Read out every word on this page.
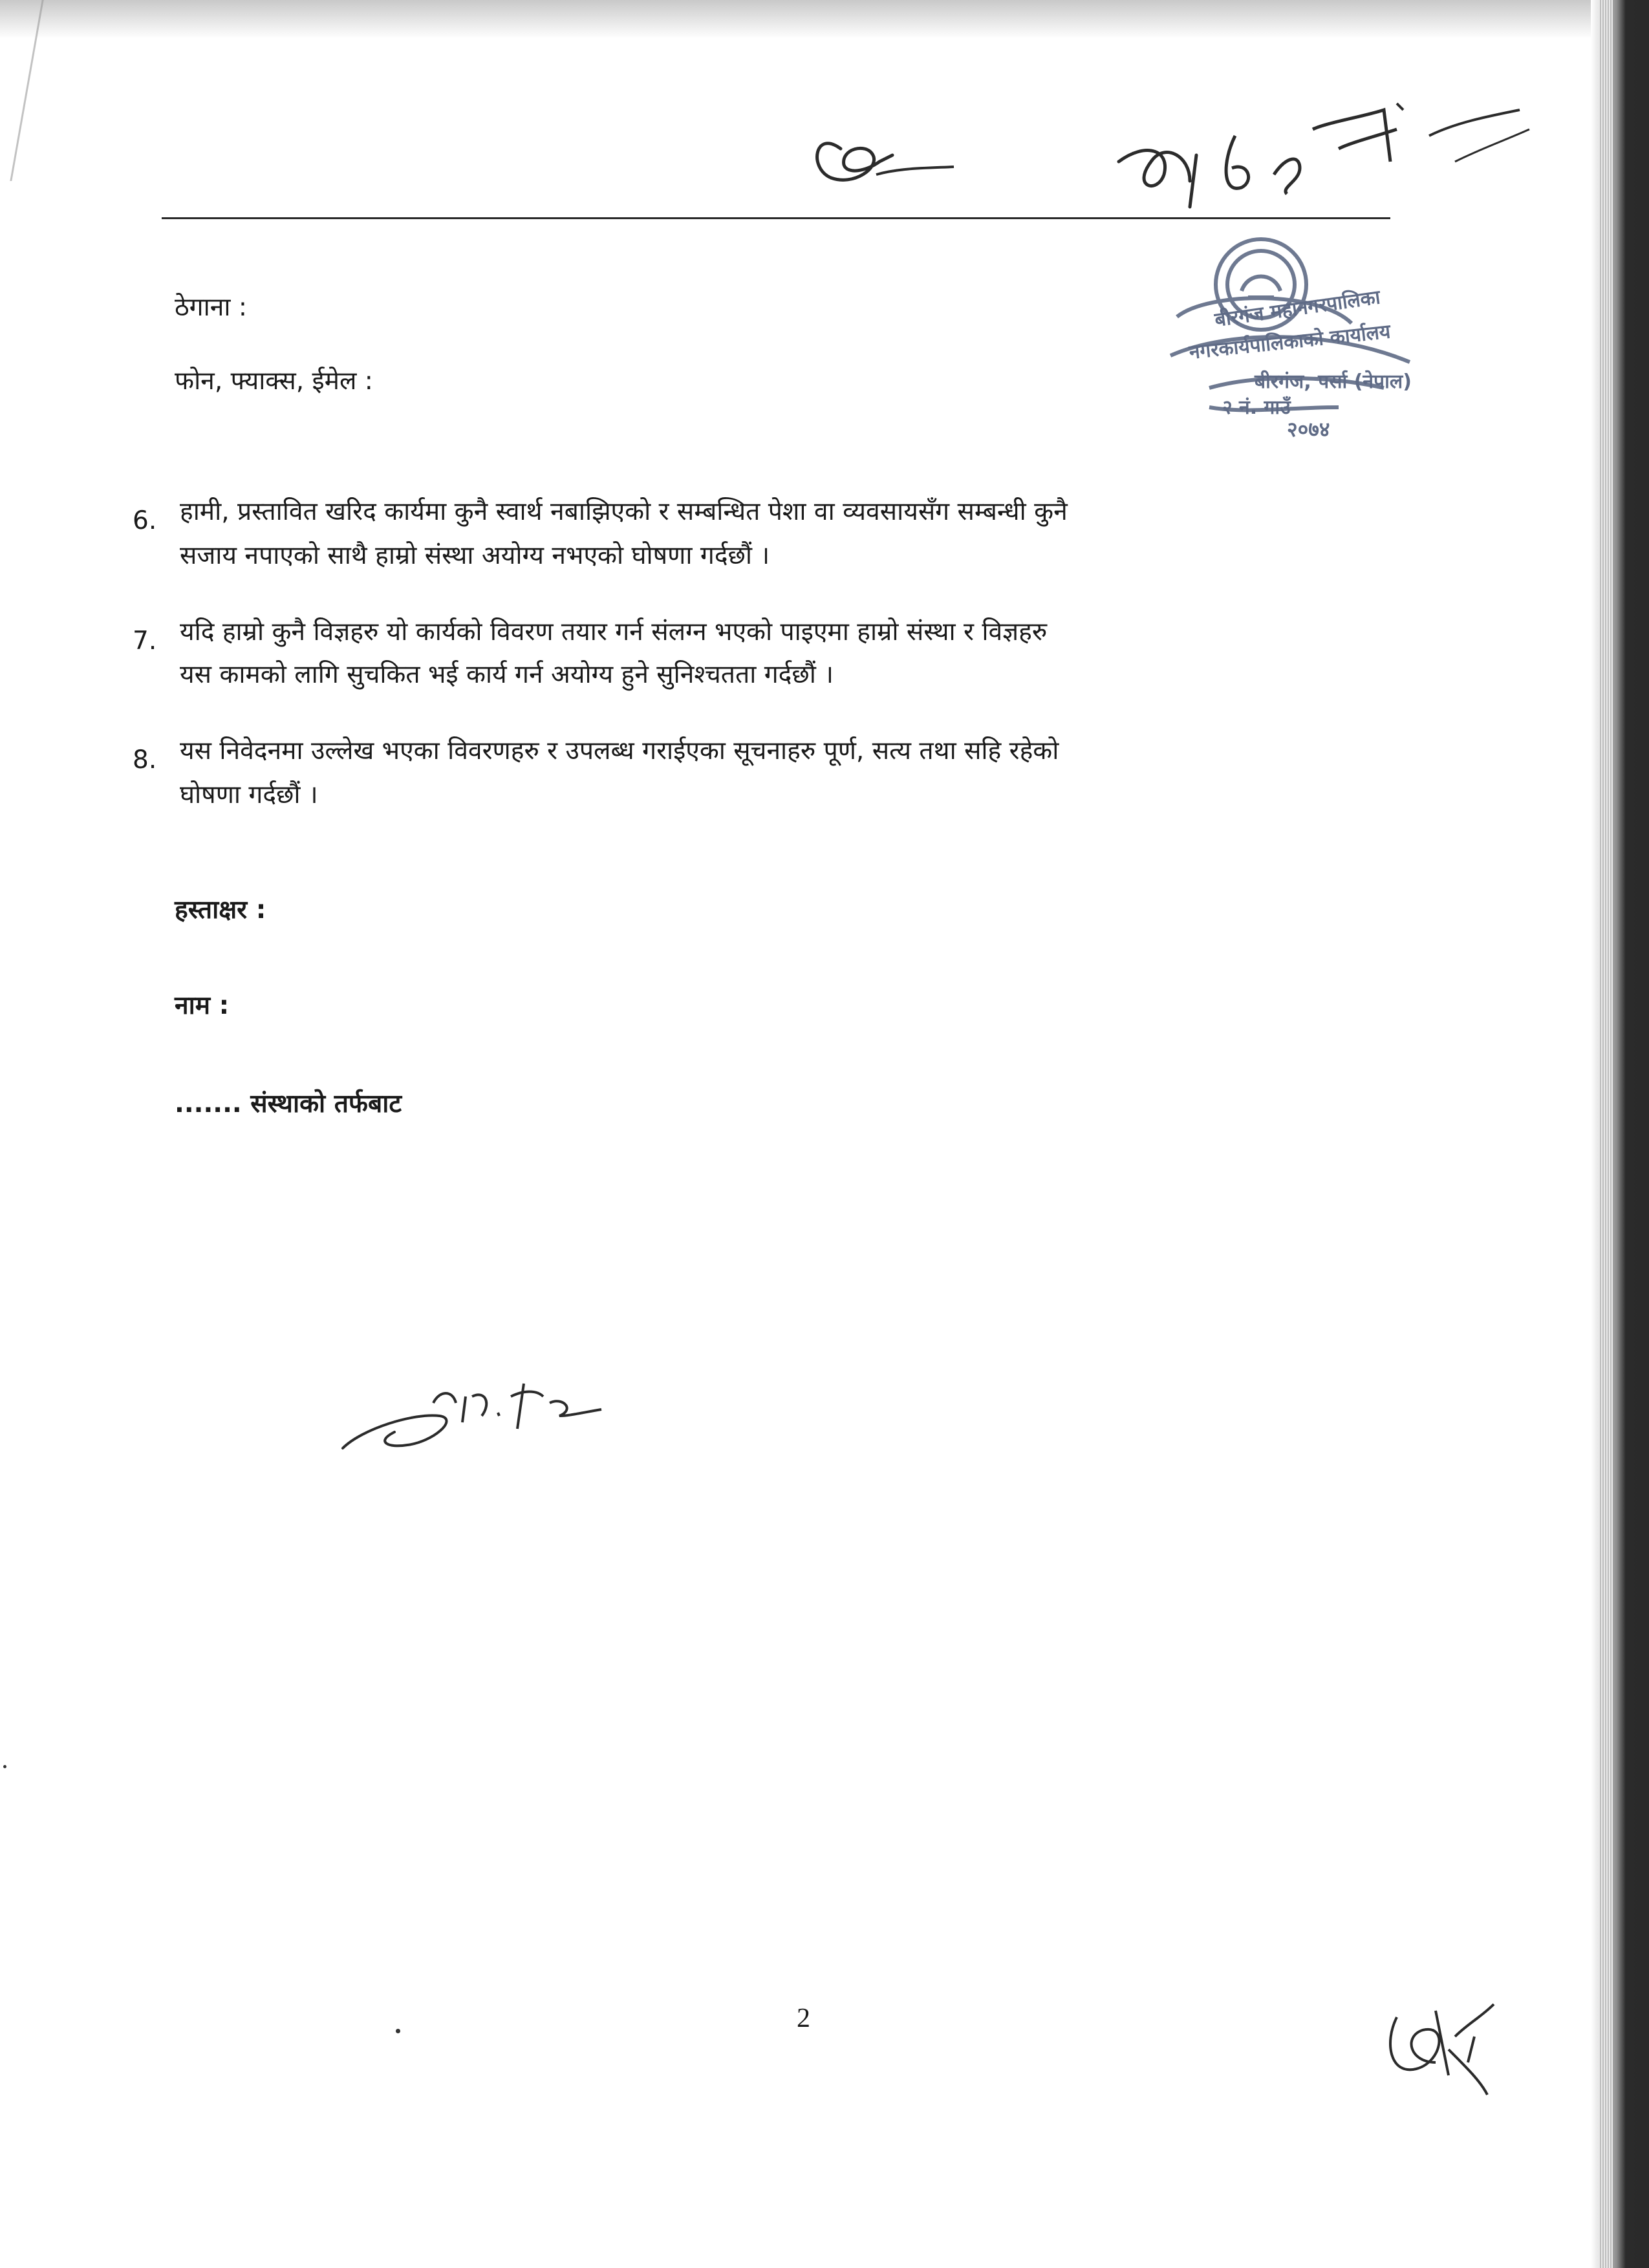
बीरगंज महानगरपालिका
नगरकार्यपालिकाको कार्यालय
बीरगंज, पर्सा (नेपाल)
२ नं. गाउँ
२०७४
ठेगाना :
फोन, फ्याक्स, ईमेल :
6. हामी, प्रस्तावित खरिद कार्यमा कुनै स्वार्थ नबाझिएको र सम्बन्धित पेशा वा व्यवसायसँग सम्बन्धी कुनै
सजाय नपाएको साथै हाम्रो संस्था अयोग्य नभएको घोषणा गर्दछौं ।
7. यदि हाम्रो कुनै विज्ञहरु यो कार्यको विवरण तयार गर्न संलग्न भएको पाइएमा हाम्रो संस्था र विज्ञहरु
यस कामको लागि सुचकित भई कार्य गर्न अयोग्य हुने सुनिश्चतता गर्दछौं ।
8. यस निवेदनमा उल्लेख भएका विवरणहरु र उपलब्ध गराईएका सूचनाहरु पूर्ण, सत्य तथा सहि रहेको
घोषणा गर्दछौं ।
हस्ताक्षर :
नाम :
....... संस्थाको तर्फबाट
2
